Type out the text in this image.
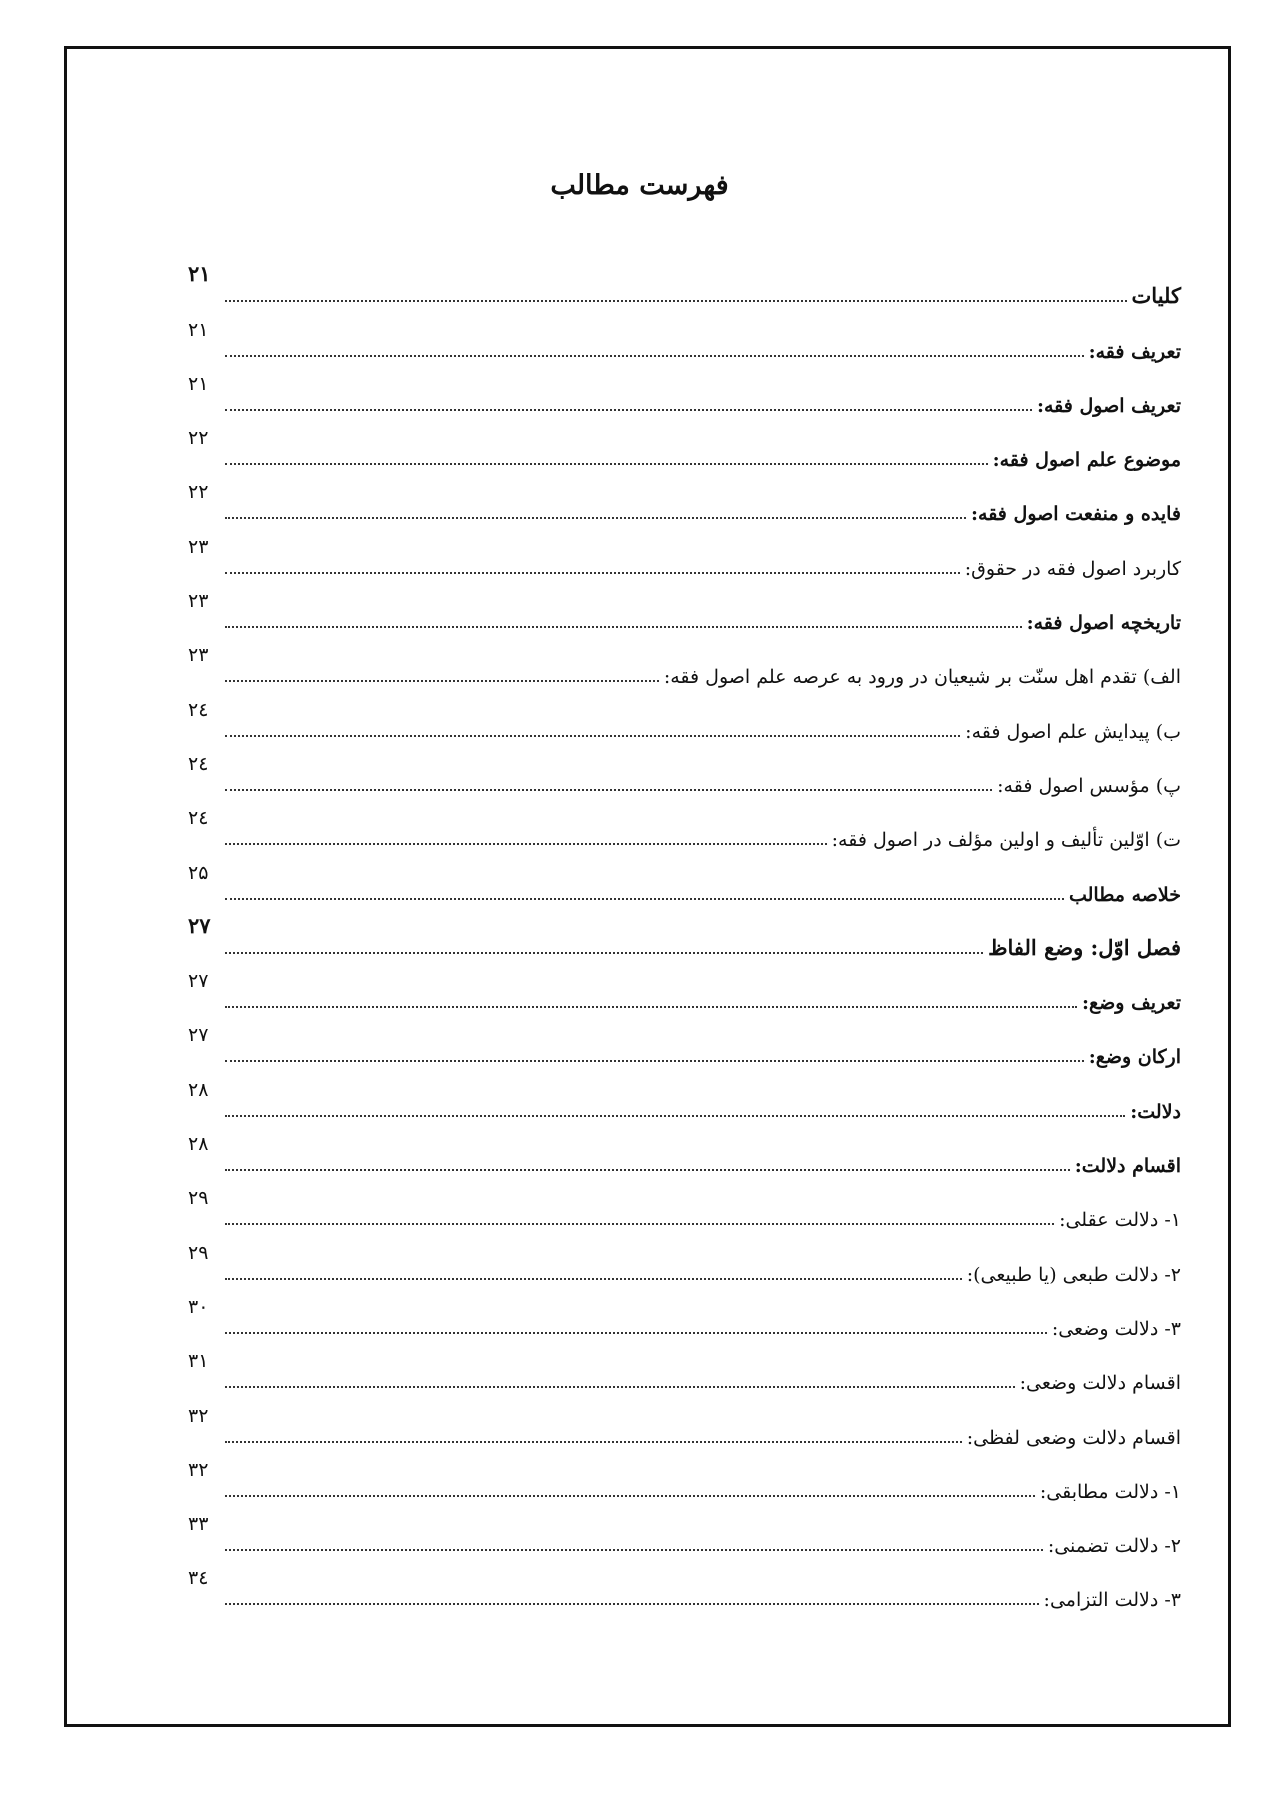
فهرست مطالب
كليات
۲۱
تعريف فقه:
۲۱
تعريف اصول فقه:
۲۱
موضوع علم اصول فقه:
۲۲
فايده و منفعت اصول فقه:
۲۲
كاربرد اصول فقه در حقوق:
۲۳
تاريخچه اصول فقه:
۲۳
الف) تقدم اهل سنّت بر شيعيان در ورود به عرصه علم اصول فقه:
۲۳
ب) پيدايش علم اصول فقه:
۲٤
پ) مؤسس اصول فقه:
۲٤
ت) اوّلين تأليف و اولين مؤلف در اصول فقه:
۲٤
خلاصه مطالب
۲۵
فصل اوّل: وضع الفاظ
۲۷
تعريف وضع:
۲۷
اركان وضع:
۲۷
دلالت:
۲۸
اقسام دلالت:
۲۸
۱- دلالت عقلی:
۲۹
۲- دلالت طبعی (یا طبیعی):
۲۹
۳- دلالت وضعی:
۳۰
اقسام دلالت وضعی:
۳۱
اقسام دلالت وضعی لفظی:
۳۲
۱- دلالت مطابقی:
۳۲
۲- دلالت تضمنی:
۳۳
۳- دلالت التزامی:
۳٤
